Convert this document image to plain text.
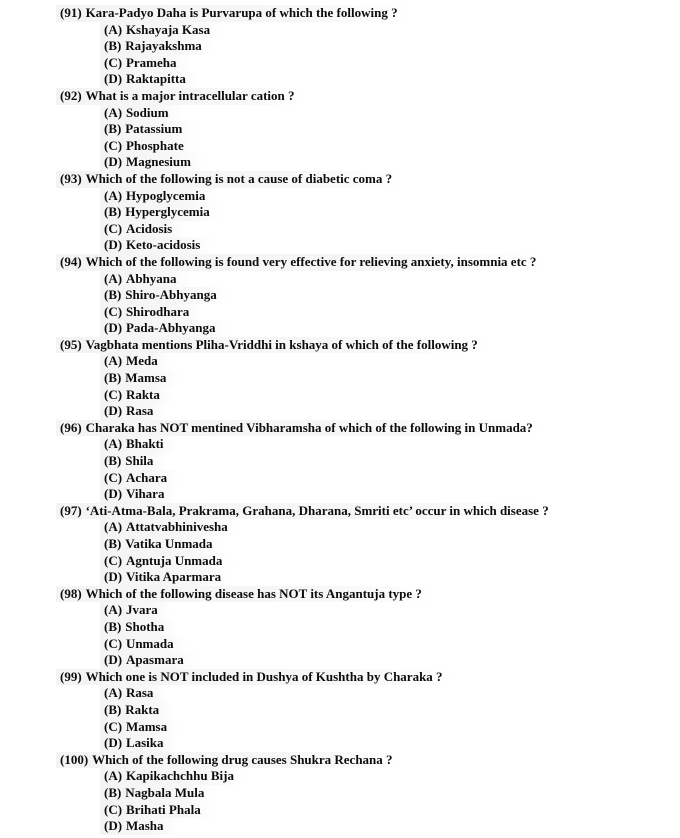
(91) Kara-Padyo Daha is Purvarupa of which the following ?
(A) Kshayaja Kasa
(B) Rajayakshma
(C) Prameha
(D) Raktapitta
(92) What is a major intracellular cation ?
(A) Sodium
(B) Patassium
(C) Phosphate
(D) Magnesium
(93) Which of the following is not a cause of diabetic coma ?
(A) Hypoglycemia
(B) Hyperglycemia
(C) Acidosis
(D) Keto-acidosis
(94) Which of the following is found very effective for relieving anxiety, insomnia etc ?
(A) Abhyana
(B) Shiro-Abhyanga
(C) Shirodhara
(D) Pada-Abhyanga
(95) Vagbhata mentions Pliha-Vriddhi in kshaya of which of the following ?
(A) Meda
(B) Mamsa
(C) Rakta
(D) Rasa
(96) Charaka has NOT mentined Vibharamsha of which of the following in Unmada?
(A) Bhakti
(B) Shila
(C) Achara
(D) Vihara
(97) ‘Ati-Atma-Bala, Prakrama, Grahana, Dharana, Smriti etc’ occur in which disease ?
(A) Attatvabhinivesha
(B) Vatika Unmada
(C) Agntuja Unmada
(D) Vitika Aparmara
(98) Which of the following disease has NOT its Angantuja type ?
(A) Jvara
(B) Shotha
(C) Unmada
(D) Apasmara
(99) Which one is NOT included in Dushya of Kushtha by Charaka ?
(A) Rasa
(B) Rakta
(C) Mamsa
(D) Lasika
(100) Which of the following drug causes Shukra Rechana ?
(A) Kapikachchhu Bija
(B) Nagbala Mula
(C) Brihati Phala
(D) Masha
